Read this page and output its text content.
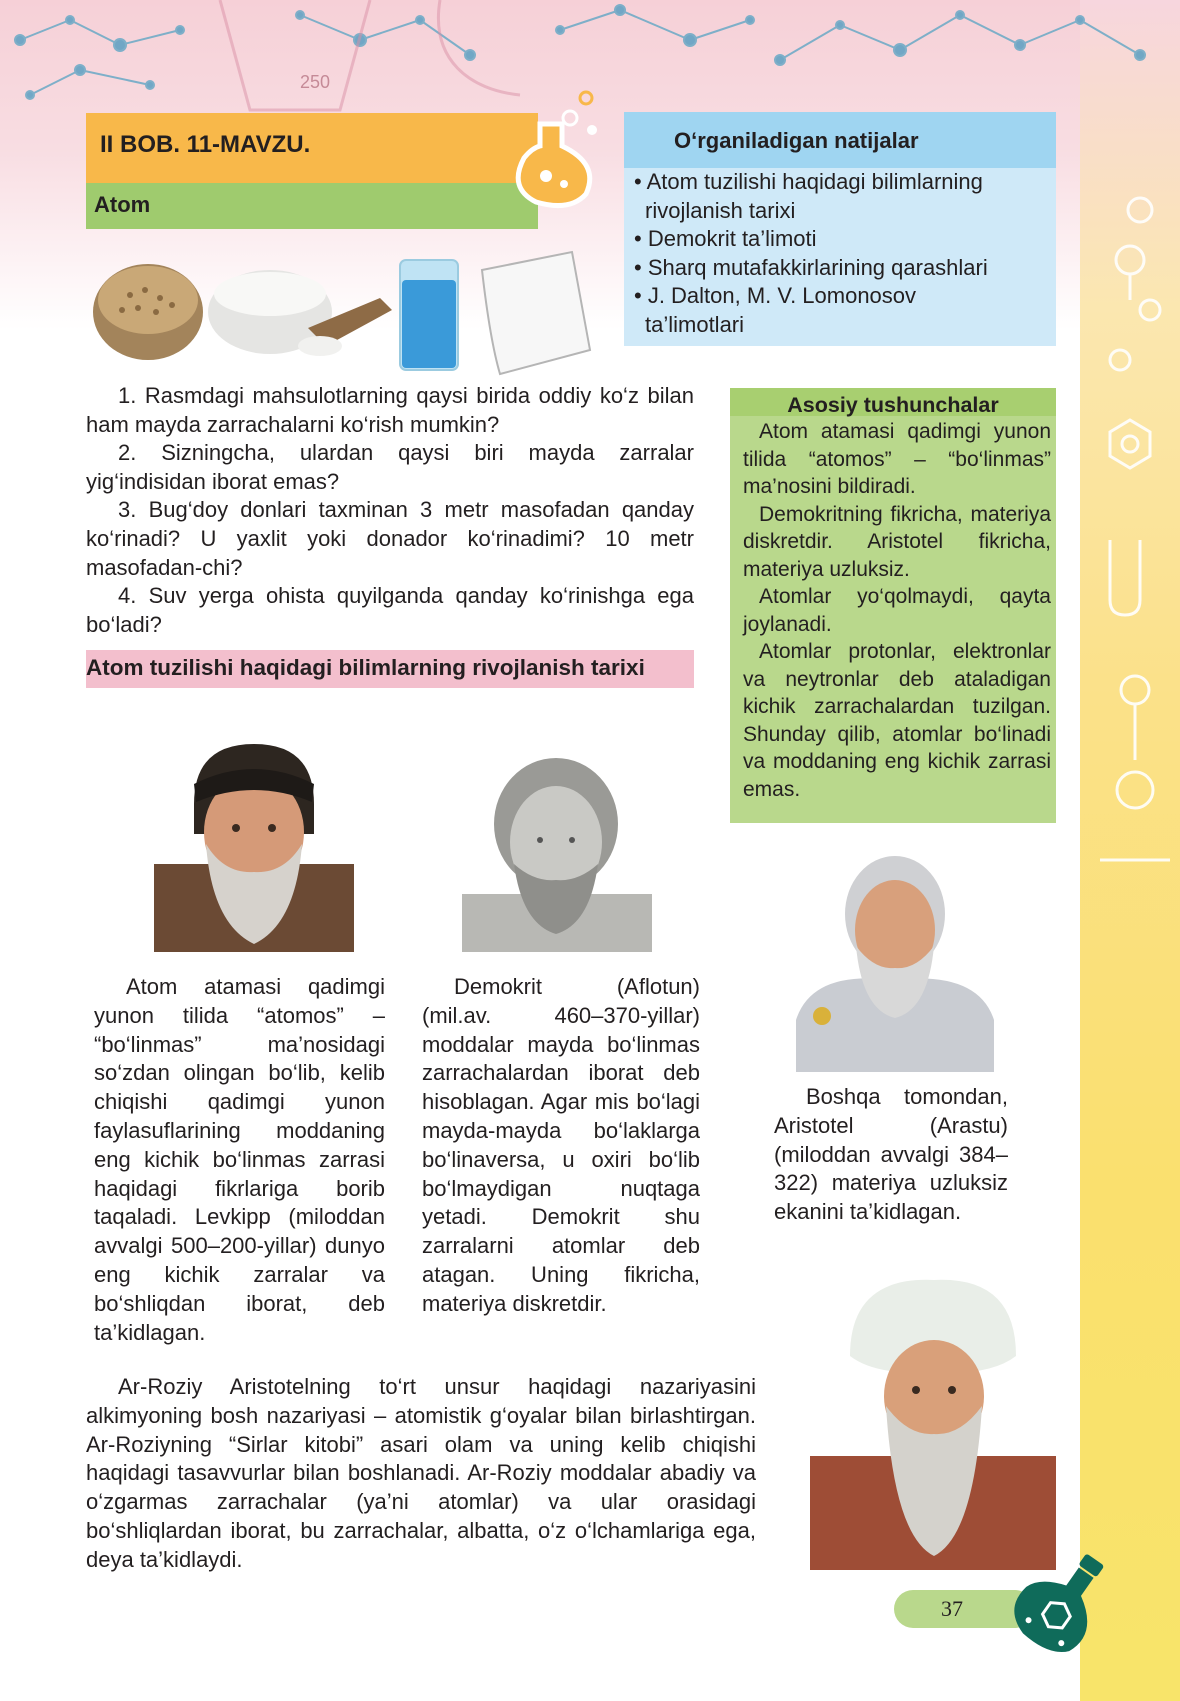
250
II BOB. 11-MAVZU.
Atom
O‘rganiladigan natijalar
• Atom tuzilishi haqidagi bilimlarning
rivojlanish tarixi
• Demokrit ta’limoti
• Sharq mutafakkirlarining qarashlari
• J. Dalton, M. V. Lomonosov
ta’limotlari

1. Rasmdagi mahsulotlarning qaysi birida oddiy ko‘z bilan ham mayda zarrachalarni ko‘rish mumkin?

2. Sizningcha, ulardan qaysi biri mayda zarralar yig‘indisidan iborat emas?

3. Bug‘doy donlari taxminan 3 metr masofadan qanday ko‘rinadi? U yaxlit yoki donador ko‘rinadimi? 10 metr masofadan-chi?

4. Suv yerga ohista quyilganda qanday ko‘rinishga ega bo‘ladi?

Atom tuzilishi haqidagi bilimlarning rivojlanish tarixi
Asosiy tushunchalar

Atom atamasi qadimgi yunon tilida “atomos” – “bo‘linmas” ma’nosini bildiradi.

Demokritning fikricha, materiya diskretdir. Aristotel fikricha, materiya uzluksiz.

Atomlar yo‘qolmaydi, qayta joylanadi.

Atomlar protonlar, elektronlar va neytronlar deb ataladigan kichik zarrachalardan tuzilgan. Shunday qilib, atomlar bo‘linadi va moddaning eng kichik zarrasi emas.

Atom atamasi qadimgi yunon tilida “atomos” – “bo‘linmas” ma’nosidagi so‘zdan olingan bo‘lib, kelib chiqishi qadimgi yunon faylasuflarining moddaning eng kichik bo‘linmas zarrasi haqidagi fikrlariga borib taqaladi. Levkipp (miloddan avvalgi 500–200-yillar) dunyo eng kichik zarralar va bo‘shliqdan iborat, deb ta’kidlagan.

Demokrit (Aflotun) (mil.av. 460–370-yillar) moddalar mayda bo‘linmas zarrachalardan iborat deb hisoblagan. Agar mis bo‘lagi mayda-mayda bo‘laklarga bo‘linaversa, u oxiri bo‘lib bo‘lmaydigan nuqtaga yetadi. Demokrit shu zarralarni atomlar deb atagan. Uning fikricha, materiya diskretdir.

Boshqa tomondan, Aristotel (Arastu) (miloddan avvalgi 384–322) materiya uzluksiz ekanini ta’kidlagan.

Ar-Roziy Aristotelning to‘rt unsur haqidagi nazariyasini alkimyoning bosh nazariyasi – atomistik g‘oyalar bilan birlashtirgan. Ar-Roziyning “Sirlar kitobi” asari olam va uning kelib chiqishi haqidagi tasavvurlar bilan boshlanadi. Ar-Roziy moddalar abadiy va o‘zgarmas zarrachalar (ya’ni atomlar) va ular orasidagi bo‘shliqlardan iborat, bu zarrachalar, albatta, o‘z o‘lchamlariga ega, deya ta’kidlaydi.

37
